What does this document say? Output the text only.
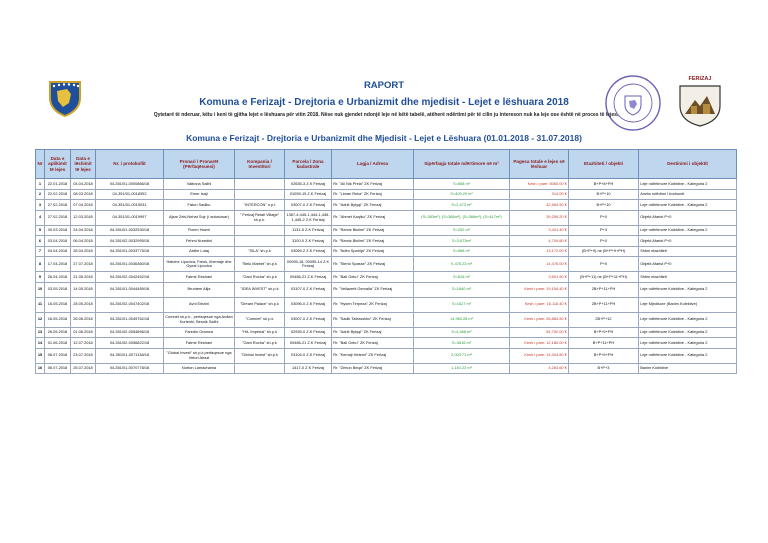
FERIZAJ
RAPORT
Komuna e Ferizajt - Drejtoria e Urbanizmit dhe mjedisit - Lejet e lëshuara 2018
Qytetarë të nderuar, këtu i keni të gjitha lejet e lëshuara për vitin 2018. Nëse nuk gjendet ndonjë leje në këtë tabelë, atëherë ndërtimi për të cilin ju intereson nuk ka leje ose është në proces të lejes.
Komuna e Ferizajt - Drejtoria e Urbanizmit dhe Mjedisit - Lejet e Lëshuara (01.01.2018 - 31.07.2018)
Nr	Data e aplikimit të lejes	Data e lëshimit të lejes	Nr. i protokollit	Pronari / Pronarët (Përfaqësuesi)	Kompania / Investitori	Parcela / Zona kadastrale	Lagja / Adresa	Sipërfaqja totale ndërtimore në m²	Pagesa totale e lejes së lëshuar	Etazhiteti / objekti	Destinimi i objektit
1	22.01.2018	04.04.2018	04-351/01-0000866/18	Valbona Salihi		02635-3 Z.K Ferizaj	Rr. "Ali Nik Prela" ZK Ferizaj	S=858 m²	Kesh i pare: 5060.00 €	B+P+8+PH	Leje ndërtimore Kolektive - Kategoria 2
2	22.02.2018	08.03.2018	04-351/01-0018392	Emer Isaji		01059-15 Z.K Ferizaj	Rr. "Liman Reka" ZK Ferizaj	S=409.29 m²	314.00 €	B+P+10	Aneks ndërtimi I bodrumit
3	27.02.2018	07.04.2018	04-351/01-0019031	Faton Sadiku	"INTERCON" n.p.t	03007-0 Z.K Ferizaj	Rr. "Adnit Bytyqi" ZK Ferizaj	S=2,473 m²	42,964.50 €	B+P+10	Leje ndërtimore Kolektive - Kategoria 2
4	27.02.2018	12.03.2018	04-351/01-0019997	Ajsar Zeki,Nehat Sojr (/ autorizuar)	" Ferizaj Retail Village" sh.p.k.	1367-4,445-1,444-1,445-1,445-2 Z.K Ferizaj	Rr. "Ahmet Kaqiku" ZK Ferizaj	(S=383m²), (S=368m²), (S=366m²), (S=417m²)	39,259.20 €	P+0	Objekt Afarist P+0
5	30.03.2018	24.04.2018	04-351/01-0032530/18	Florim Hazrri		1131-5 Z.K Ferizaj	Rr. "Ramiz Bislimi" ZK Ferizaj	S=252 m²	3,421.40 €	P+3	Leje ndërtimore Kolektive - Kategoria 2
6	03.04.2018	06.04.2018	04-351/02-0032995/18	Fehmi Nuredini		3100-0 Z.K Ferizaj	Rr. "Ramiz Bislimi" ZK Ferizaj	S=3,673m²	4,704.60 €	P+0	Objekt Afarist P+0
7	04.04.2018	28.04.2018	04-351/01-0033775/18	Atdhe Lutaj	"SILA" sh.p.k	03069-2 Z.K Ferizaj	Rr. "Ndim Spahija" ZK Ferizaj	S=968 m²	13,172.00 €	(B+P+9) ne (B+P+9+PH)	Shtim etazhiteti
8	17.04.2018	27.07.2018	04-351/01-0036360/18	Hatixhe Lipovica, Faruk, Ilhemaje dhe Gyeal Lipovica	"Belu Market" sh.p.k	00095-18, 00095-14 Z.K Ferizaj	Rr. "Sterio Spasse" ZK Ferizaj	S,476.23 m²	14,476.00 €	P+0	Objekt Afarist P+0
9	26.04.2018	21.05.2018	04-351/02-0042452/18	Fatmir Reshani	"Gani Rocha" sh.p.k	00486-21 Z.K Ferizaj	Rr. "Bali Geku" ZK Ferizaj	S=816 m²	3,601.90 €	(B+P+11) ne (B+P+11+PH)	Shtim etazhiteti
10	03.05.2018	14.05.2018	04-351/01-0044489/18	Bruntem Alija	"IDEA INVEST" sh.p.k	03107-0 Z.K Ferizaj	Rr. "Vellazerit Gerxalia" ZK Ferizaj	S=1840 m²	Kesh i pare: 19,154.40 €	2B+P+11+PH	Leje ndërtimore Kolektive - Kategoria 2
11	16.05.2018	28.05.2018	04-351/02-0047402/18	Avni Elezini	"Dream Palace" sh.p.k	03096-0 Z.K Ferizaj	Rr. "Hysen Terpeza" ZK Ferizaj	S=1627 m²	Kesh i pare: 16,118.40 €	2B+P+11+PH	Leje Mjedisore (Banim Kolektive)
12	16.05.2018	26.06.2018	04-351/01-0049762/18	Comnet sh.p.k., perfaqesue nga Ardian Kurteshi, Besnik Salihi	"Comnet" sh.p.k	03007-0 Z.K Ferizaj	Rr. "Sadik Tafaroshku" ZK Ferizaj	14,983.28 m²	Kesh i pare: 26,884.50 €	2B+P+12	Leje ndërtimore Kolektive - Kategoria 2
13	26.05.2018	01.06.2018	04-351/02-0054896/18	Faredin Gramca	"Hit- Imperial" sh.p.k	02939-0 Z.K Ferizaj	Rr. "Adnit Bytyqi" ZK Ferizaj	S=4,468 m²	54,752.00 €	B+P+9+PH	Leje ndërtimore Kolektive - Kategoria 2
14	01.06.2018	12.07.2018	04-351/02-0056822/18	Fatmir Reshani	"Gani Rocha" sh.p.k	00486-21 Z.K Ferizaj	Rr. "Bali Geku" ZK Ferizaj	S=3616 m²	Kesh i pare: 12,180.00 €	B+P+11+PH	Leje ndërtimore Kolektive - Kategoria 2
15	06.07.2018	23.07.2018	04-351/01-0071138/18	"Global Invest" sh.p.k perfaqesue nga Veton Abazi	"Global Invest" sh.p.k	03104-0 Z.K Ferizaj	Rr. "Kemajl Hetemi" ZK Ferizaj	2,003.71 m²	Kesh i pare: 14,304.80 €	B+P+9+PH	Leje ndërtimore Kolektive - Kategoria 2
16	06.07.2018	25.07.2018	04-351/01-0070778/18	Norton Lamachama		1417-0 Z.K Ferizaj	Rr. "Zenun Beqa" ZK Ferizaj	1,140.22 m²	4,263.60 €	B+P+3	Banim Kolektive
